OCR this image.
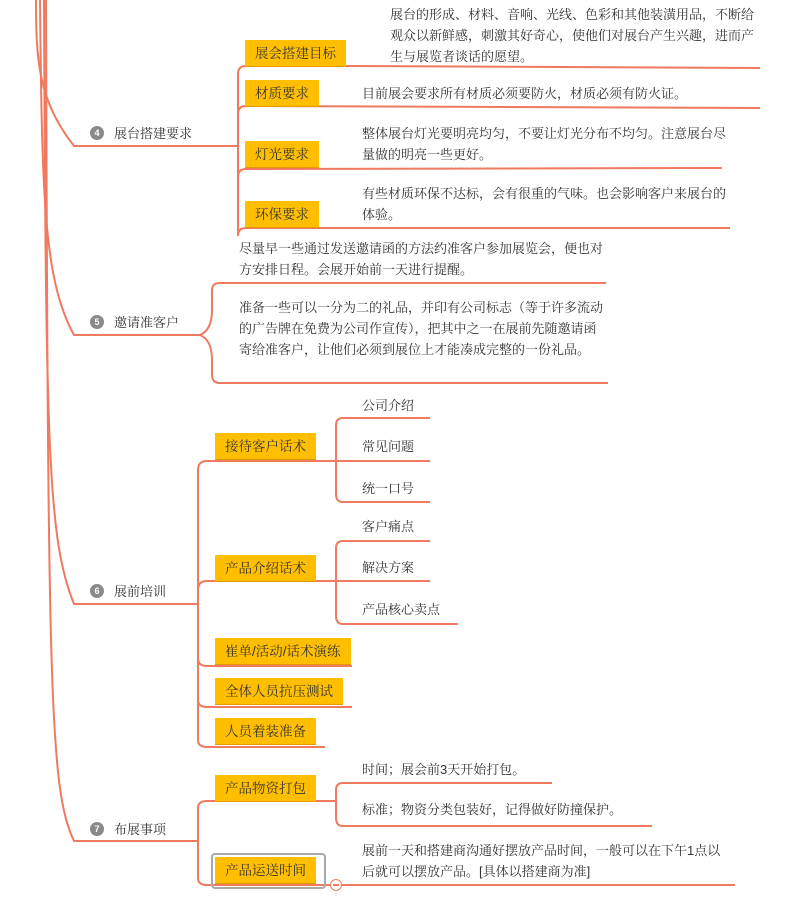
4	展台搭建要求
展会搭建目标
展台的形成、材料、音响、光线、色彩和其他装潢用品，不断给观众以新鲜感，刺激其好奇心，使他们对展台产生兴趣，进而产生与展览者谈话的愿望。
材质要求	目前展会要求所有材质必须要防火，材质必须有防火证。
灯光要求
整体展台灯光要明亮均匀，不要让灯光分布不均匀。注意展台尽量做的明亮一些更好。
环保要求
有些材质环保不达标，会有很重的气味。也会影响客户来展台的体验。
5	邀请准客户
尽量早一些通过发送邀请函的方法约准客户参加展览会，便也对方安排日程。会展开始前一天进行提醒。
准备一些可以一分为二的礼品，并印有公司标志（等于许多流动的广告牌在免费为公司作宣传），把其中之一在展前先随邀请函寄给准客户，让他们必须到展位上才能凑成完整的一份礼品。
6	展前培训
接待客户话术
公司介绍
常见问题
统一口号
产品介绍话术
客户痛点
解决方案
产品核心卖点
崔单/活动/话术演练
全体人员抗压测试
人员着装准备
7	布展事项
产品物资打包
时间；展会前3天开始打包。
标准；物资分类包装好，记得做好防撞保护。
产品运送时间
展前一天和搭建商沟通好摆放产品时间，一般可以在下午1点以后就可以摆放产品。[具体以搭建商为准]
